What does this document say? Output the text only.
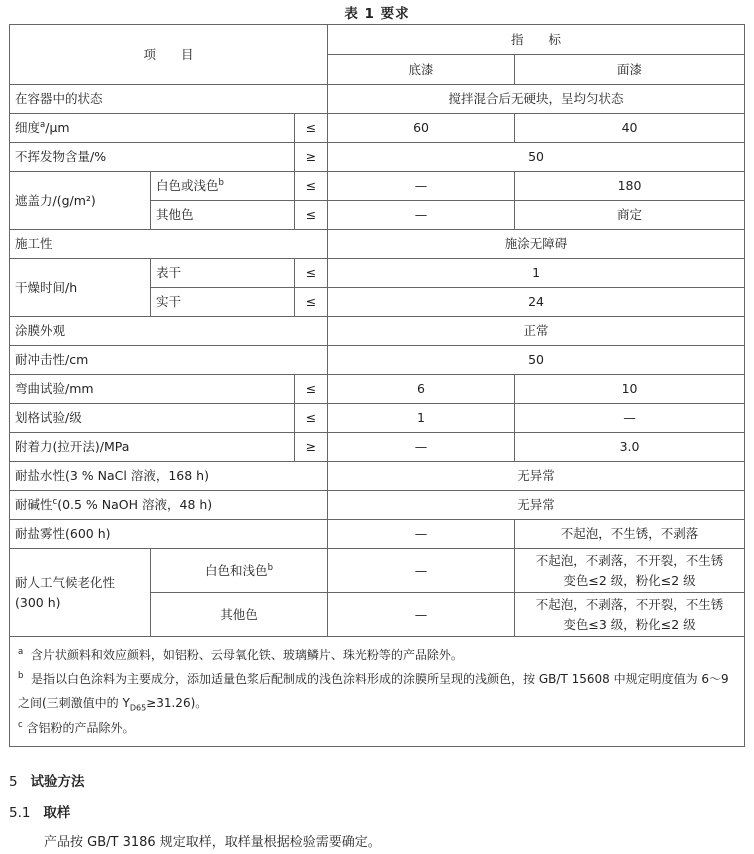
表 1 要求
项　　目			指　　标	
			底漆	面漆
在容器中的状态			搅拌混合后无硬块，呈均匀状态	
细度$^a$/μm		≤	60	40
不挥发物含量/%		≥	50	
遮盖力/(g/m²)	白色或浅色$^b$	≤	—	180
	其他色	≤	—	商定
施工性			施涂无障碍	
干燥时间/h	表干	≤	1	
	实干	≤	24	
涂膜外观			正常	
耐冲击性/cm			50	
弯曲试验/mm		≤	6	10
划格试验/级		≤	1	—
附着力(拉开法)/MPa		≥	—	3.0
耐盐水性(3 % NaCl 溶液，168 h)			无异常	
耐碱性$^c$(0.5 % NaOH 溶液，48 h)			无异常	
耐盐雾性(600 h)			—	不起泡，不生锈，不剥落
耐人工气候老化性
(300 h)	白色和浅色$^b$		—	不起泡，不剥落，不开裂，不生锈
变色≤2 级，粉化≤2 级
	其他色		—	不起泡，不剥落，不开裂，不生锈
变色≤3 级，粉化≤2 级

$^a$ 含片状颜料和效应颜料，如铝粉、云母氧化铁、玻璃鳞片、珠光粉等的产品除外。
$^b$ 是指以白色涂料为主要成分，添加适量色浆后配制成的浅色涂料形成的涂膜所呈现的浅颜色，按 GB/T 15608 中规定明度值为 6～9 之间(三刺激值中的 $Y_{D65}\ge 31.26$)。
$^c$ 含铝粉的产品除外。				
5 试验方法
5.1 取样
产品按 GB/T 3186 规定取样，取样量根据检验需要确定。
